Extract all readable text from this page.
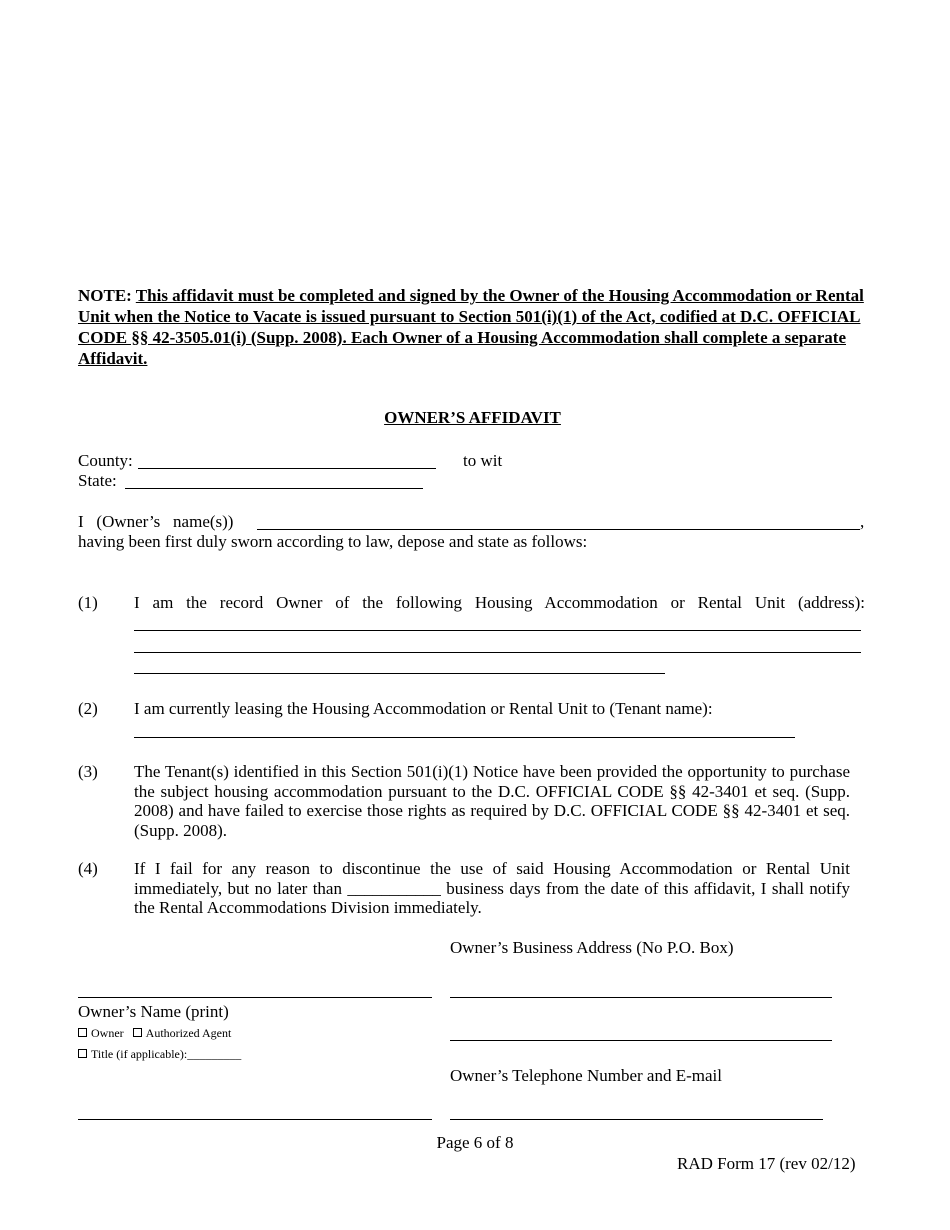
NOTE: This affidavit must be completed and signed by the Owner of the Housing Accommodation or Rental Unit when the Notice to Vacate is issued pursuant to Section 501(i)(1) of the Act, codified at D.C. OFFICIAL CODE §§ 42-3505.01(i) (Supp. 2008). Each Owner of a Housing Accommodation shall complete a separate Affidavit.
OWNER’S AFFIDAVIT
County:	to wit
State:
I   (Owner’s   name(s))	,
having been first duly sworn according to law, depose and state as follows:
(1) I am the record Owner of the following Housing Accommodation or Rental Unit (address):
(2) I am currently leasing the Housing Accommodation or Rental Unit to (Tenant name):
(3) The Tenant(s) identified in this Section 501(i)(1) Notice have been provided the opportunity to purchase the subject housing accommodation pursuant to the D.C. OFFICIAL CODE §§ 42-3401 et seq. (Supp. 2008) and have failed to exercise those rights as required by D.C. OFFICIAL CODE §§ 42-3401 et seq. (Supp. 2008).
(4) If I fail for any reason to discontinue the use of said Housing Accommodation or Rental Unit immediately, but no later than ___________ business days from the date of this affidavit, I shall notify the Rental Accommodations Division immediately.
Owner’s Business Address (No P.O. Box)
Owner’s Name (print)
Owner Authorized Agent
Title (if applicable):_________
Owner’s Telephone Number and E-mail
Page 6 of 8
RAD Form 17 (rev 02/12)
